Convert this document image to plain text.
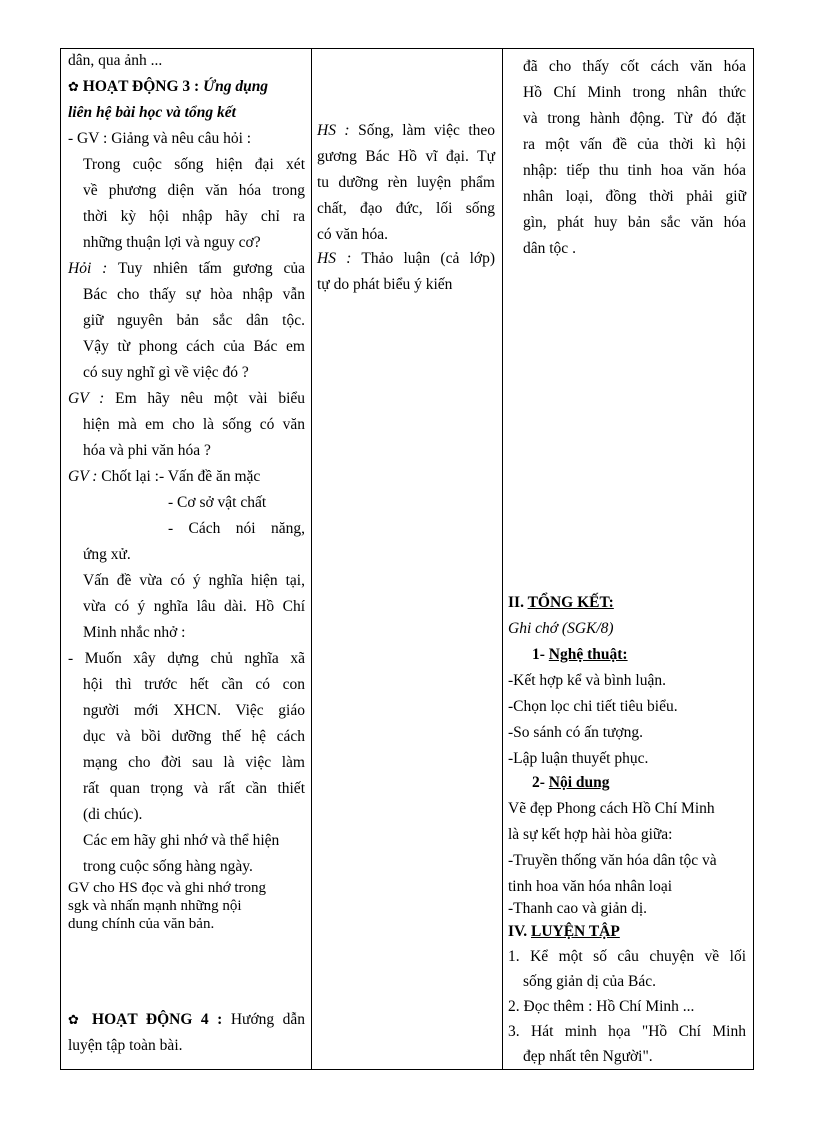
dân, qua ảnh ...
✿ HOẠT ĐỘNG 3 : Ứng dụng
liên hệ bài học và tổng kết
- GV : Giảng và nêu câu hỏi :
Trong cuộc sống hiện đại xét
về phương diện văn hóa trong
thời kỳ hội nhập hãy chỉ ra
những thuận lợi và nguy cơ?
Hỏi : Tuy nhiên tấm gương của
Bác cho thấy sự hòa nhập vẫn
giữ nguyên bản sắc dân tộc.
Vậy từ phong cách của Bác em
có suy nghĩ gì về việc đó ?
GV : Em hãy nêu một vài biểu
hiện mà em cho là sống có văn
hóa và phi văn hóa ?
GV : Chốt lại :- Vấn đề ăn mặc
- Cơ sở vật chất
- Cách nói năng,
ứng xử.
Vấn đề vừa có ý nghĩa hiện tại,
vừa có ý nghĩa lâu dài. Hồ Chí
Minh nhắc nhở :
- Muốn xây dựng chủ nghĩa xã
hội thì trước hết cần có con
người mới XHCN. Việc giáo
dục và bồi dưỡng thế hệ cách
mạng cho đời sau là việc làm
rất quan trọng và rất cần thiết
(di chúc).
Các em hãy ghi nhớ và thể hiện
trong cuộc sống hàng ngày.
GV cho HS đọc và ghi nhớ trong
sgk và nhấn mạnh những nội
dung chính của văn bản.
✿ HOẠT ĐỘNG 4 : Hướng dẫn
luyện tập toàn bài.
HS : Sống, làm việc theo
gương Bác Hồ vĩ đại. Tự
tu dưỡng rèn luyện phẩm
chất, đạo đức, lối sống
có văn hóa.
HS : Thảo luận (cả lớp)
tự do phát biểu ý kiến
đã cho thấy cốt cách văn hóa
Hồ Chí Minh trong nhân thức
và trong hành động. Từ đó đặt
ra một vấn đề của thời kì hội
nhập: tiếp thu tinh hoa văn hóa
nhân loại, đồng thời phải giữ
gìn, phát huy bản sắc văn hóa
dân tộc .
II. TỔNG KẾT:
Ghi chớ (SGK/8)
1- Nghệ thuật:
-Kết hợp kể và bình luận.
-Chọn lọc chi tiết tiêu biểu.
-So sánh có ấn tượng.
-Lập luận thuyết phục.
2- Nội dung
Vẽ đẹp Phong cách Hồ Chí Minh
là sự kết hợp hài hòa giữa:
-Truyền thống văn hóa dân tộc và
tinh hoa văn hóa nhân loại
-Thanh cao và giản dị.
IV. LUYỆN TẬP
1. Kể một số câu chuyện về lối
sống giản dị của Bác.
2. Đọc thêm : Hồ Chí Minh ...
3. Hát minh họa "Hồ Chí Minh
đẹp nhất tên Người".
